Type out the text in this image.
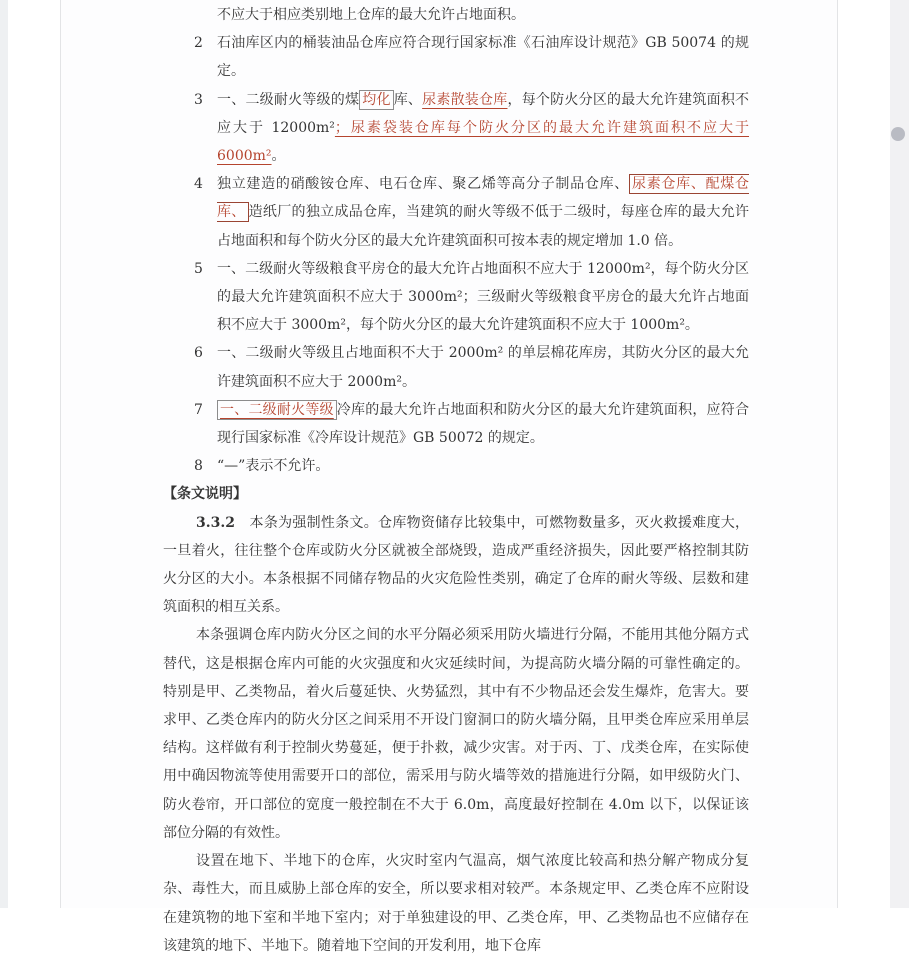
不应大于相应类别地上仓库的最大允许占地面积。
2 石油库区内的桶装油品仓库应符合现行国家标准《石油库设计规范》GB 50074 的规定。
3 一、二级耐火等级的煤 均化 库、尿素散装仓库，每个防火分区的最大允许建筑面积不应大于 12000m²；尿素袋装仓库每个防火分区的最大允许建筑面积不应大于 6000m²。
4 独立建造的硝酸铵仓库、电石仓库、聚乙烯等高分子制品仓库、 尿素仓库、配煤仓库、 造纸厂的独立成品仓库，当建筑的耐火等级不低于二级时，每座仓库的最大允许占地面积和每个防火分区的最大允许建筑面积可按本表的规定增加 1.0 倍。
5 一、二级耐火等级粮食平房仓的最大允许占地面积不应大于 12000m²，每个防火分区的最大允许建筑面积不应大于 3000m²；三级耐火等级粮食平房仓的最大允许占地面积不应大于 3000m²，每个防火分区的最大允许建筑面积不应大于 1000m²。
6 一、二级耐火等级且占地面积不大于 2000m² 的单层棉花库房，其防火分区的最大允许建筑面积不应大于 2000m²。
7 一、二级耐火等级 冷库的最大允许占地面积和防火分区的最大允许建筑面积，应符合现行国家标准《冷库设计规范》GB 50072 的规定。
8 “—”表示不允许。
【条文说明】

3.3.2　本条为强制性条文。仓库物资储存比较集中，可燃物数量多，灭火救援难度大，一旦着火，往往整个仓库或防火分区就被全部烧毁，造成严重经济损失，因此要严格控制其防火分区的大小。本条根据不同储存物品的火灾危险性类别，确定了仓库的耐火等级、层数和建筑面积的相互关系。

本条强调仓库内防火分区之间的水平分隔必须采用防火墙进行分隔，不能用其他分隔方式替代，这是根据仓库内可能的火灾强度和火灾延续时间，为提高防火墙分隔的可靠性确定的。特别是甲、乙类物品，着火后蔓延快、火势猛烈，其中有不少物品还会发生爆炸，危害大。要求甲、乙类仓库内的防火分区之间采用不开设门窗洞口的防火墙分隔，且甲类仓库应采用单层结构。这样做有利于控制火势蔓延，便于扑救，减少灾害。对于丙、丁、戊类仓库，在实际使用中确因物流等使用需要开口的部位，需采用与防火墙等效的措施进行分隔，如甲级防火门、防火卷帘，开口部位的宽度一般控制在不大于 6.0m，高度最好控制在 4.0m 以下，以保证该部位分隔的有效性。

设置在地下、半地下的仓库，火灾时室内气温高，烟气浓度比较高和热分解产物成分复杂、毒性大，而且威胁上部仓库的安全，所以要求相对较严。本条规定甲、乙类仓库不应附设在建筑物的地下室和半地下室内；对于单独建设的甲、乙类仓库，甲、乙类物品也不应储存在该建筑的地下、半地下。随着地下空间的开发利用，地下仓库
